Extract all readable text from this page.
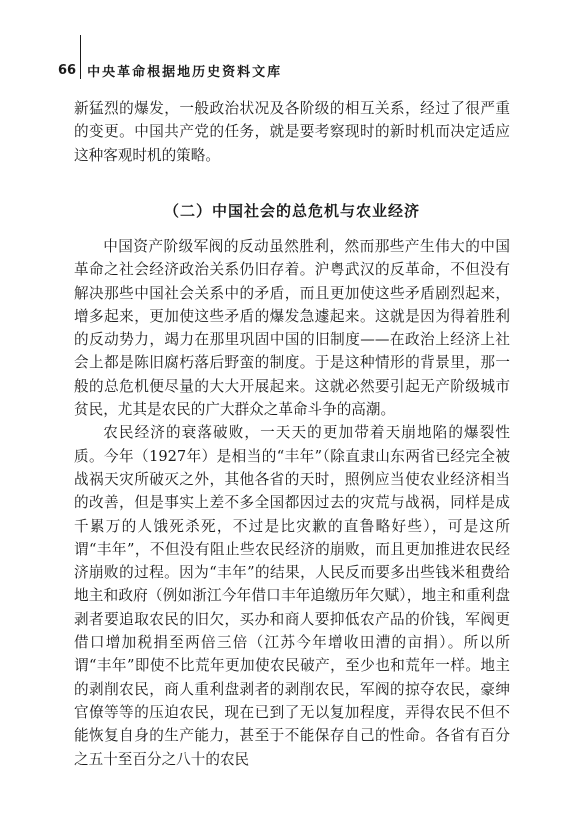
66 中央革命根据地历史资料文库

新猛烈的爆发，一般政治状况及各阶级的相互关系，经过了很严重的变更。中国共产党的任务，就是要考察现时的新时机而决定适应这种客观时机的策略。

（二）中国社会的总危机与农业经济

中国资产阶级军阀的反动虽然胜利，然而那些产生伟大的中国革命之社会经济政治关系仍旧存着。沪粤武汉的反革命，不但没有解决那些中国社会关系中的矛盾，而且更加使这些矛盾剧烈起来，增多起来，更加使这些矛盾的爆发急遽起来。这就是因为得着胜利的反动势力，竭力在那里巩固中国的旧制度——在政治上经济上社会上都是陈旧腐朽落后野蛮的制度。于是这种情形的背景里，那一般的总危机便尽量的大大开展起来。这就必然要引起无产阶级城市贫民，尤其是农民的广大群众之革命斗争的高潮。

农民经济的衰落破败，一天天的更加带着天崩地陷的爆裂性质。今年（1927年）是相当的“丰年”（除直隶山东两省已经完全被战祸天灾所破灭之外，其他各省的天时，照例应当使农业经济相当的改善，但是事实上差不多全国都因过去的灾荒与战祸，同样是成千累万的人饿死杀死，不过是比灾歉的直鲁略好些），可是这所谓“丰年”，不但没有阻止些农民经济的崩败，而且更加推进农民经济崩败的过程。因为“丰年”的结果，人民反而要多出些钱米租费给地主和政府（例如浙江今年借口丰年追缴历年欠赋），地主和重利盘剥者要追取农民的旧欠，买办和商人要抑低农产品的价钱，军阀更借口增加税捐至两倍三倍（江苏今年增收田漕的亩捐）。所以所谓“丰年”即使不比荒年更加使农民破产，至少也和荒年一样。地主的剥削农民，商人重利盘剥者的剥削农民，军阀的掠夺农民，豪绅官僚等等的压迫农民，现在已到了无以复加程度，弄得农民不但不能恢复自身的生产能力，甚至于不能保存自己的性命。各省有百分之五十至百分之八十的农民
